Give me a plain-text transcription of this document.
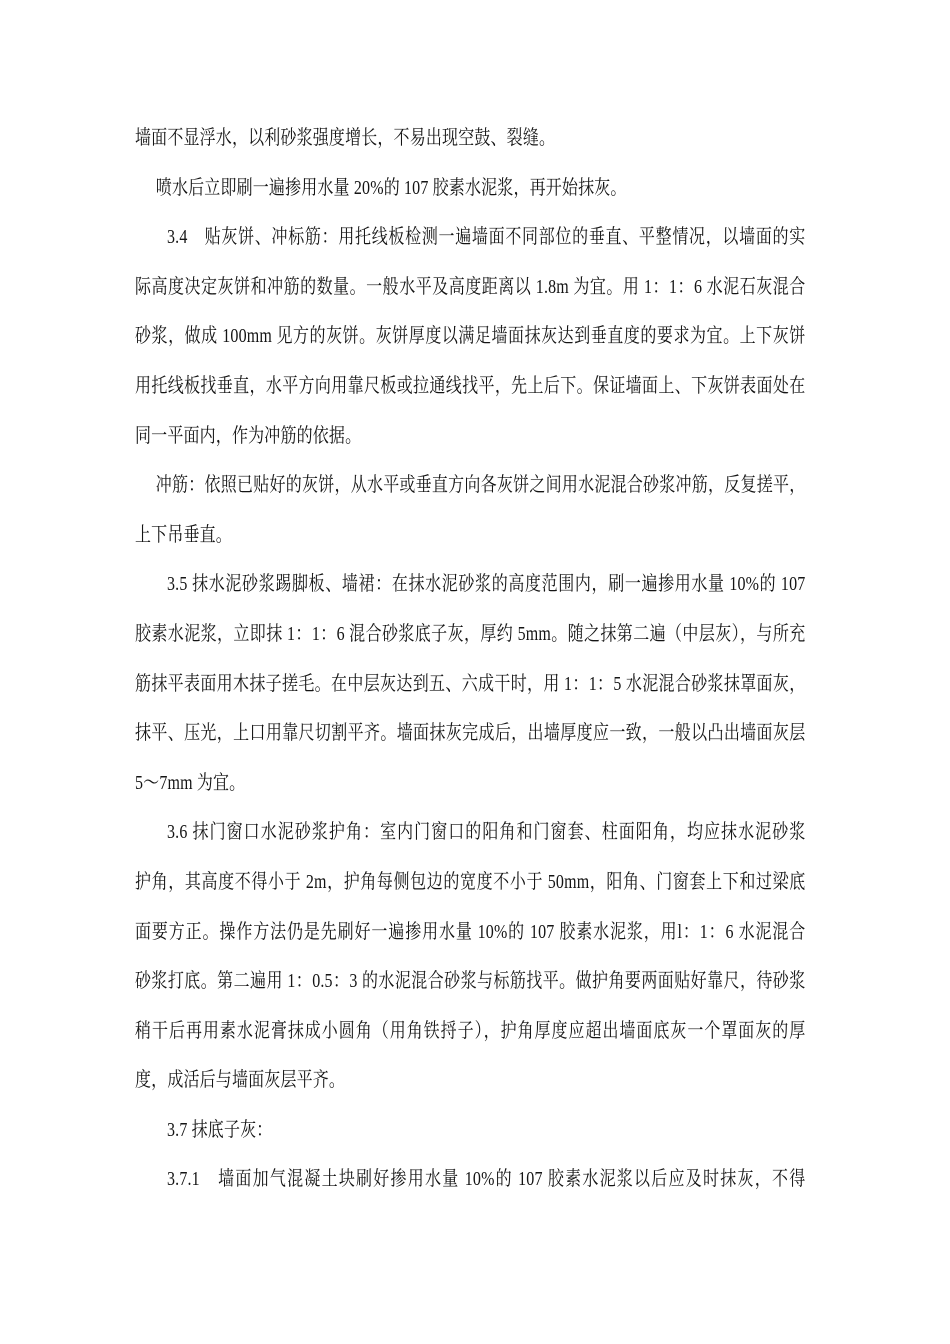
墙面不显浮水，以利砂浆强度增长，不易出现空鼓、裂缝。
喷水后立即刷一遍掺用水量 20%的 107 胶素水泥浆，再开始抹灰。
3.4　贴灰饼、冲标筋：用托线板检测一遍墙面不同部位的垂直、平整情况，以墙面的实
际高度决定灰饼和冲筋的数量。一般水平及高度距离以 1.8m 为宜。用 1：1：6 水泥石灰混合
砂浆，做成 100mm 见方的灰饼。灰饼厚度以满足墙面抹灰达到垂直度的要求为宜。上下灰饼
用托线板找垂直，水平方向用靠尺板或拉通线找平，先上后下。保证墙面上、下灰饼表面处在
同一平面内，作为冲筋的依据。
冲筋：依照已贴好的灰饼，从水平或垂直方向各灰饼之间用水泥混合砂浆冲筋，反复搓平，
上下吊垂直。
3.5 抹水泥砂浆踢脚板、墙裙：在抹水泥砂浆的高度范围内，刷一遍掺用水量 10%的 107
胶素水泥浆，立即抹 1：1：6 混合砂浆底子灰，厚约 5mm。随之抹第二遍（中层灰），与所充
筋抹平表面用木抹子搓毛。在中层灰达到五、六成干时，用 1：1：5 水泥混合砂浆抹罩面灰，
抹平、压光，上口用靠尺切割平齐。墙面抹灰完成后，出墙厚度应一致，一般以凸出墙面灰层
5～7mm 为宜。
3.6 抹门窗口水泥砂浆护角：室内门窗口的阳角和门窗套、柱面阳角，均应抹水泥砂浆
护角，其高度不得小于 2m，护角每侧包边的宽度不小于 50mm，阳角、门窗套上下和过梁底
面要方正。操作方法仍是先刷好一遍掺用水量 10%的 107 胶素水泥浆，用l：1：6 水泥混合
砂浆打底。第二遍用 1：0.5：3 的水泥混合砂浆与标筋找平。做护角要两面贴好靠尺，待砂浆
稍干后再用素水泥膏抹成小圆角（用角铁捋子），护角厚度应超出墙面底灰一个罩面灰的厚
度，成活后与墙面灰层平齐。
3.7 抹底子灰：
3.7.1　墙面加气混凝土块刷好掺用水量 10%的 107 胶素水泥浆以后应及时抹灰，不得
